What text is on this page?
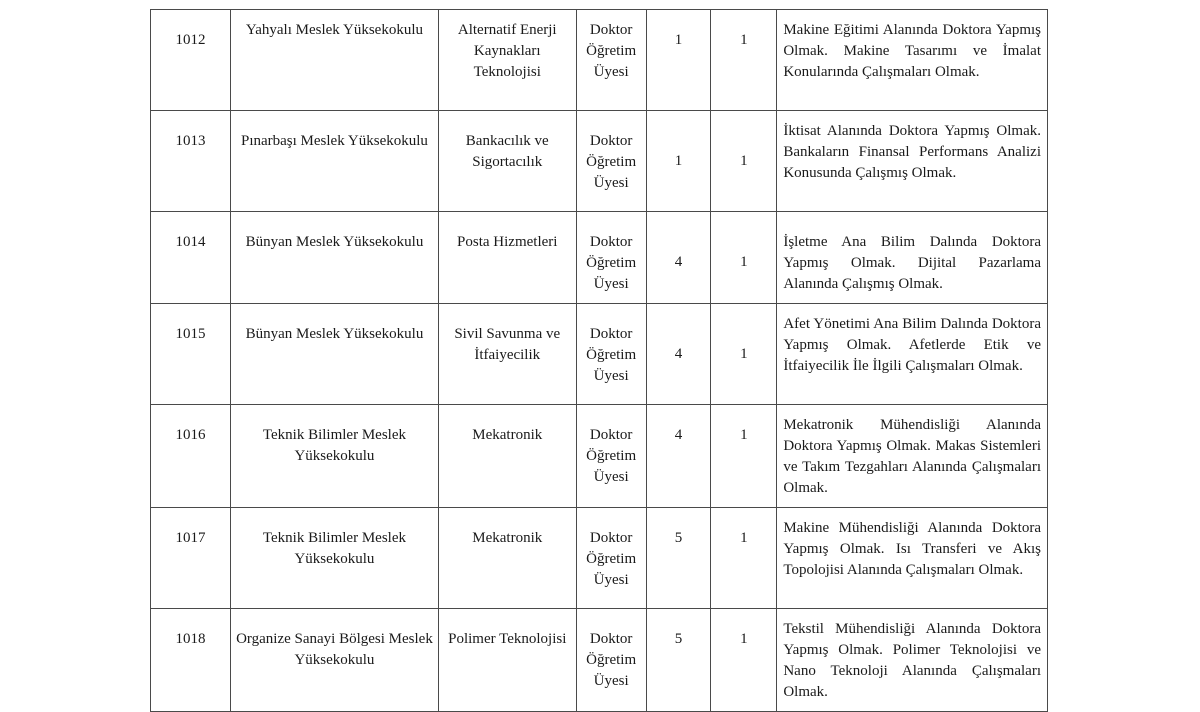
1012	Yahyalı Meslek Yüksekokulu	Alternatif Enerji Kaynakları Teknolojisi	Doktor Öğretim Üyesi	1	1	Makine Eğitimi Alanında Doktora Yapmış Olmak. Makine Tasarımı ve İmalat Konularında Çalışmaları Olmak.

1013	Pınarbaşı Meslek Yüksekokulu	Bankacılık ve Sigortacılık	Doktor Öğretim Üyesi	1	1	İktisat Alanında Doktora Yapmış Olmak. Bankaların Finansal Performans Analizi Konusunda Çalışmış Olmak.

1014	Bünyan Meslek Yüksekokulu	Posta Hizmetleri	Doktor Öğretim Üyesi	4	1	İşletme Ana Bilim Dalında Doktora Yapmış Olmak. Dijital Pazarlama Alanında Çalışmış Olmak.

1015	Bünyan Meslek Yüksekokulu	Sivil Savunma ve İtfaiyecilik	Doktor Öğretim Üyesi	4	1	Afet Yönetimi Ana Bilim Dalında Doktora Yapmış Olmak. Afetlerde Etik ve İtfaiyecilik İle İlgili Çalışmaları Olmak.

1016	Teknik Bilimler Meslek Yüksekokulu	Mekatronik	Doktor Öğretim Üyesi	4	1	Mekatronik Mühendisliği Alanında Doktora Yapmış Olmak. Makas Sistemleri ve Takım Tezgahları Alanında Çalışmaları Olmak.

1017	Teknik Bilimler Meslek Yüksekokulu	Mekatronik	Doktor Öğretim Üyesi	5	1	Makine Mühendisliği Alanında Doktora Yapmış Olmak. Isı Transferi ve Akış Topolojisi Alanında Çalışmaları Olmak.

1018	Organize Sanayi Bölgesi Meslek Yüksekokulu	Polimer Teknolojisi	Doktor Öğretim Üyesi	5	1	Tekstil Mühendisliği Alanında Doktora Yapmış Olmak. Polimer Teknolojisi ve Nano Teknoloji Alanında Çalışmaları Olmak.
